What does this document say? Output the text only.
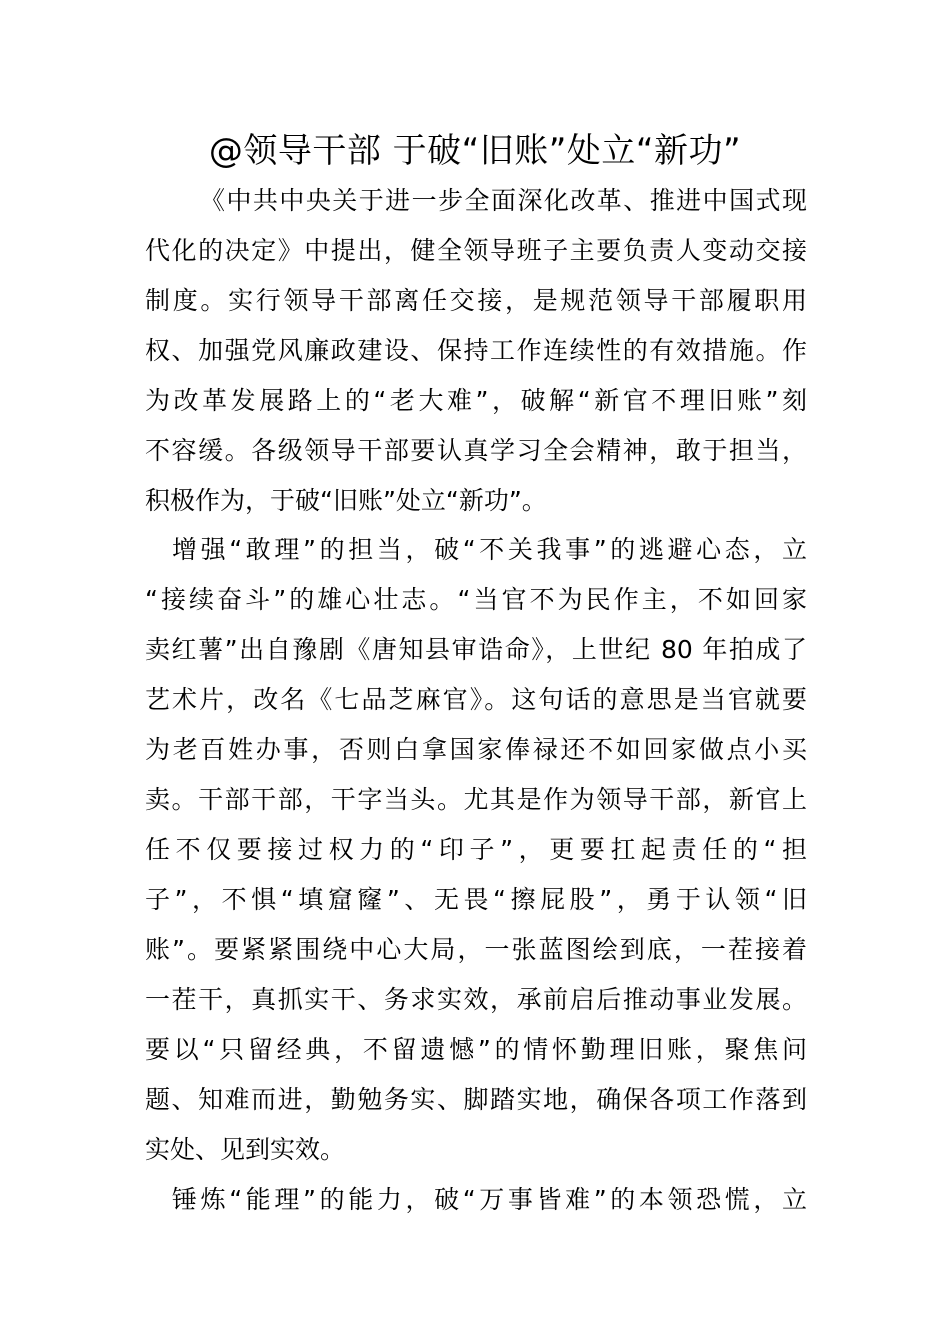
@领导干部 于破“旧账”处立“新功”
《中共中央关于进一步全面深化改革、推进中国式现
代化的决定》中提出，健全领导班子主要负责人变动交接
制度。实行领导干部离任交接，是规范领导干部履职用
权、加强党风廉政建设、保持工作连续性的有效措施。作
为改革发展路上的“老大难”，破解“新官不理旧账”刻
不容缓。各级领导干部要认真学习全会精神，敢于担当，
积极作为，于破“旧账”处立“新功”。
增强“敢理”的担当，破“不关我事”的逃避心态，立
“接续奋斗”的雄心壮志。“当官不为民作主，不如回家
卖红薯”出自豫剧《唐知县审诰命》，上世纪 80 年拍成了
艺术片，改名《七品芝麻官》。这句话的意思是当官就要
为老百姓办事，否则白拿国家俸禄还不如回家做点小买
卖。干部干部，干字当头。尤其是作为领导干部，新官上
任不仅要接过权力的“印子”，更要扛起责任的“担
子”，不惧“填窟窿”、无畏“擦屁股”，勇于认领“旧
账”。要紧紧围绕中心大局，一张蓝图绘到底，一茬接着
一茬干，真抓实干、务求实效，承前启后推动事业发展。
要以“只留经典，不留遗憾”的情怀勤理旧账，聚焦问
题、知难而进，勤勉务实、脚踏实地，确保各项工作落到
实处、见到实效。
锤炼“能理”的能力，破“万事皆难”的本领恐慌，立
